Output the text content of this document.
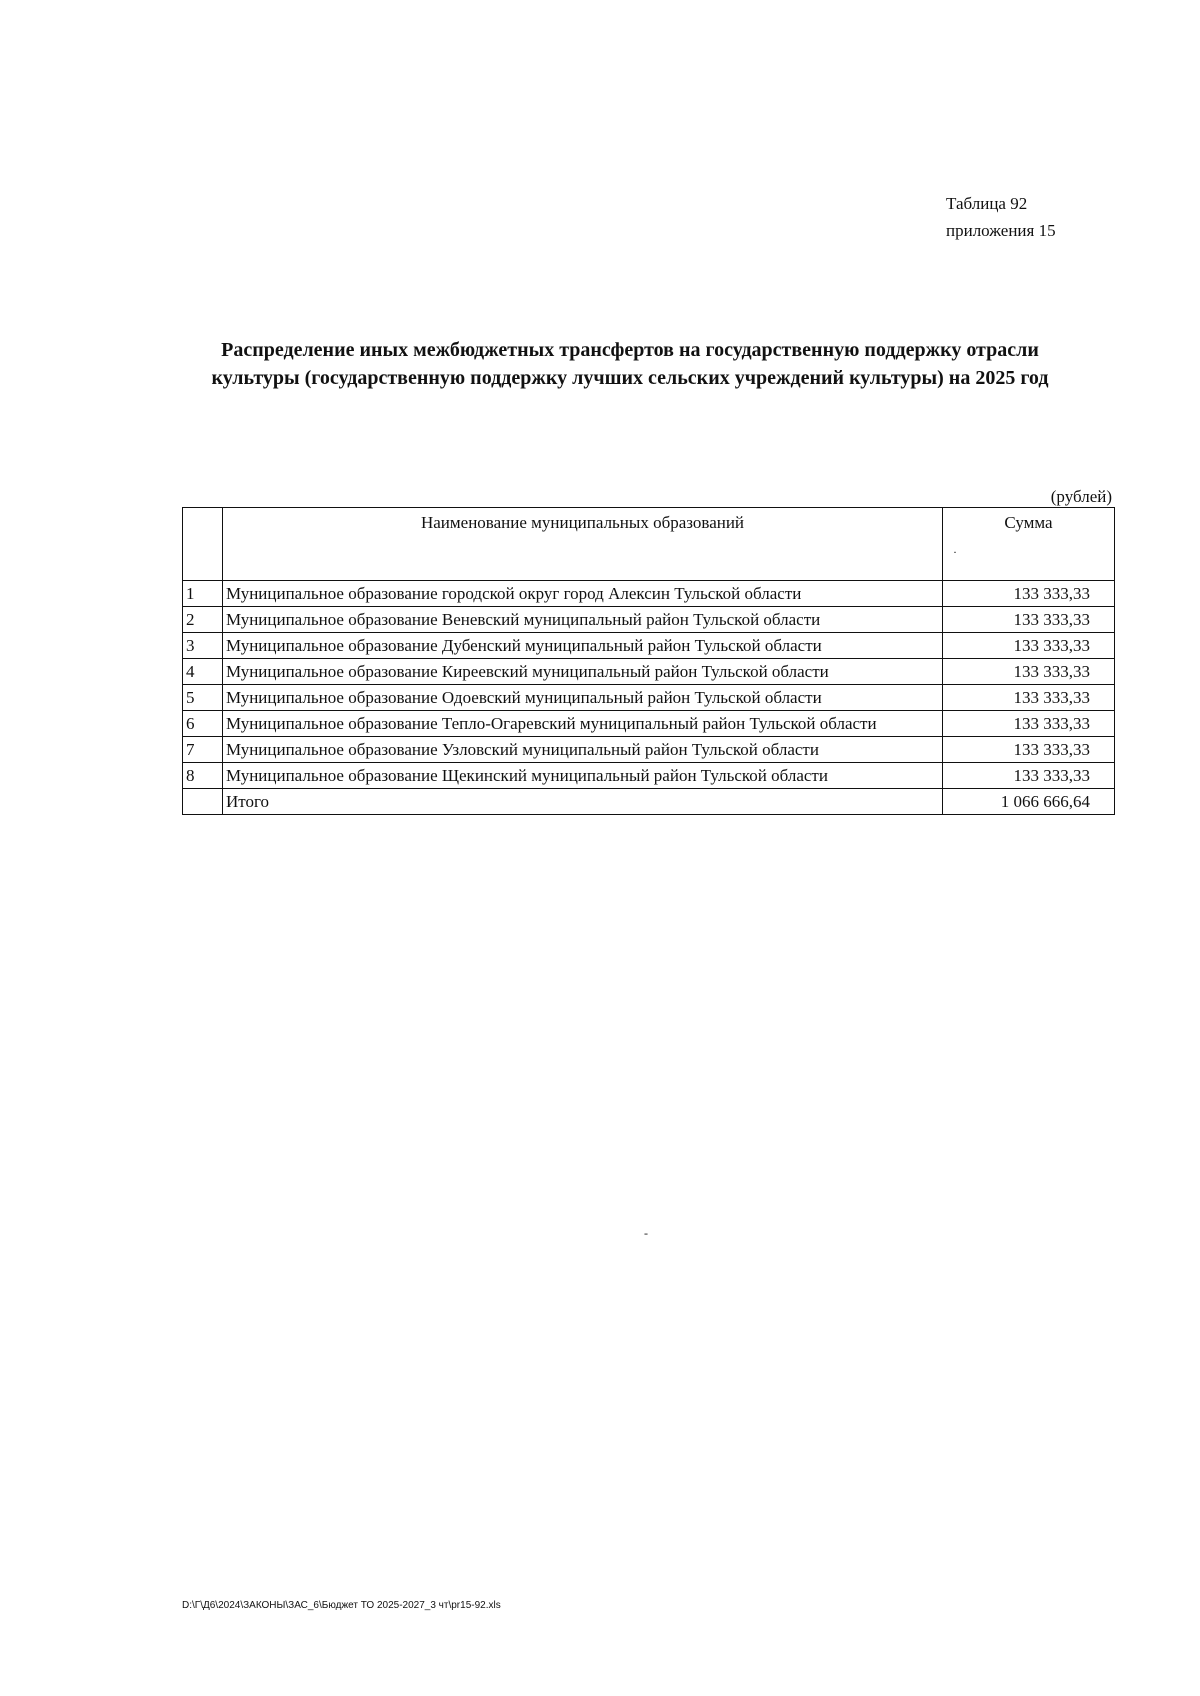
Таблица 92
приложения 15
Распределение иных межбюджетных трансфертов на государственную поддержку отрасли
культуры (государственную поддержку лучших сельских учреждений культуры) на 2025 год
(рублей)
	Наименование муниципальных образований	Сумма
·

1	Муниципальное образование городской округ город Алексин Тульской области	133 333,33
2	Муниципальное образование Веневский муниципальный район Тульской области	133 333,33
3	Муниципальное образование Дубенский муниципальный район Тульской области	133 333,33
4	Муниципальное образование Киреевский муниципальный район Тульской области	133 333,33
5	Муниципальное образование Одоевский муниципальный район Тульской области	133 333,33
6	Муниципальное образование Тепло-Огаревский муниципальный район Тульской области	133 333,33
7	Муниципальное образование Узловский муниципальный район Тульской области	133 333,33
8	Муниципальное образование Щекинский муниципальный район Тульской области	133 333,33
	Итого	1 066 666,64
-
D:\Г\Д6\2024\ЗАКОНЫ\ЗАС_6\Бюджет ТО 2025-2027_3 чт\pr15-92.xls
